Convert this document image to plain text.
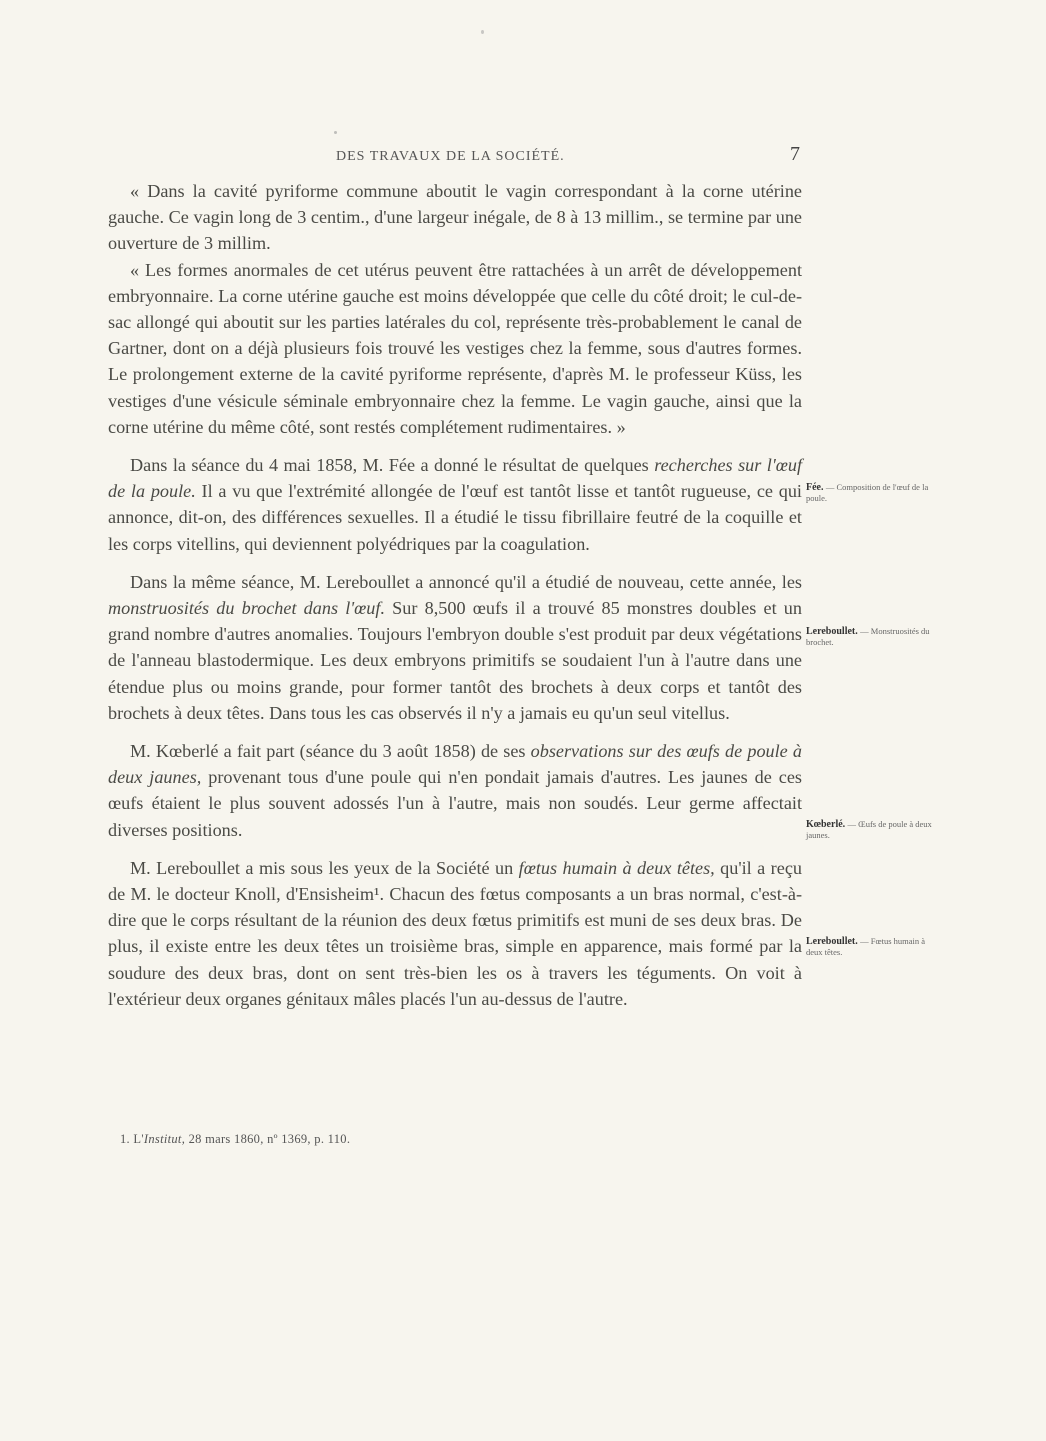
DES TRAVAUX DE LA SOCIÉTÉ.	7

« Dans la cavité pyriforme commune aboutit le vagin correspondant à la corne utérine gauche. Ce vagin long de 3 centim., d'une largeur inégale, de 8 à 13 millim., se termine par une ouverture de 3 millim.

« Les formes anormales de cet utérus peuvent être rattachées à un arrêt de développement embryonnaire. La corne utérine gauche est moins développée que celle du côté droit; le cul-de-sac allongé qui aboutit sur les parties latérales du col, représente très-probablement le canal de Gartner, dont on a déjà plusieurs fois trouvé les vestiges chez la femme, sous d'autres formes. Le prolongement externe de la cavité pyriforme représente, d'après M. le professeur Küss, les vestiges d'une vésicule séminale embryonnaire chez la femme. Le vagin gauche, ainsi que la corne utérine du même côté, sont restés complétement rudimentaires. »

Dans la séance du 4 mai 1858, M. Fée a donné le résultat de quelques recherches sur l'œuf de la poule. Il a vu que l'extrémité allongée de l'œuf est tantôt lisse et tantôt rugueuse, ce qui annonce, dit-on, des différences sexuelles. Il a étudié le tissu fibrillaire feutré de la coquille et les corps vitellins, qui deviennent polyédriques par la coagulation.

Dans la même séance, M. Lereboullet a annoncé qu'il a étudié de nouveau, cette année, les monstruosités du brochet dans l'œuf. Sur 8,500 œufs il a trouvé 85 monstres doubles et un grand nombre d'autres anomalies. Toujours l'embryon double s'est produit par deux végétations de l'anneau blastodermique. Les deux embryons primitifs se soudaient l'un à l'autre dans une étendue plus ou moins grande, pour former tantôt des brochets à deux corps et tantôt des brochets à deux têtes. Dans tous les cas observés il n'y a jamais eu qu'un seul vitellus.

M. Kœberlé a fait part (séance du 3 août 1858) de ses observations sur des œufs de poule à deux jaunes, provenant tous d'une poule qui n'en pondait jamais d'autres. Les jaunes de ces œufs étaient le plus souvent adossés l'un à l'autre, mais non soudés. Leur germe affectait diverses positions.

M. Lereboullet a mis sous les yeux de la Société un fœtus humain à deux têtes, qu'il a reçu de M. le docteur Knoll, d'Ensisheim¹. Chacun des fœtus composants a un bras normal, c'est-à-dire que le corps résultant de la réunion des deux fœtus primitifs est muni de ses deux bras. De plus, il existe entre les deux têtes un troisième bras, simple en apparence, mais formé par la soudure des deux bras, dont on sent très-bien les os à travers les téguments. On voit à l'extérieur deux organes génitaux mâles placés l'un au-dessus de l'autre.

Fée. — Composition de l'œuf de la poule.
Lereboullet. — Monstruosités du brochet.
Kœberlé. — Œufs de poule à deux jaunes.
Lereboullet. — Fœtus humain à deux têtes.
1. L'Institut, 28 mars 1860, nº 1369, p. 110.
